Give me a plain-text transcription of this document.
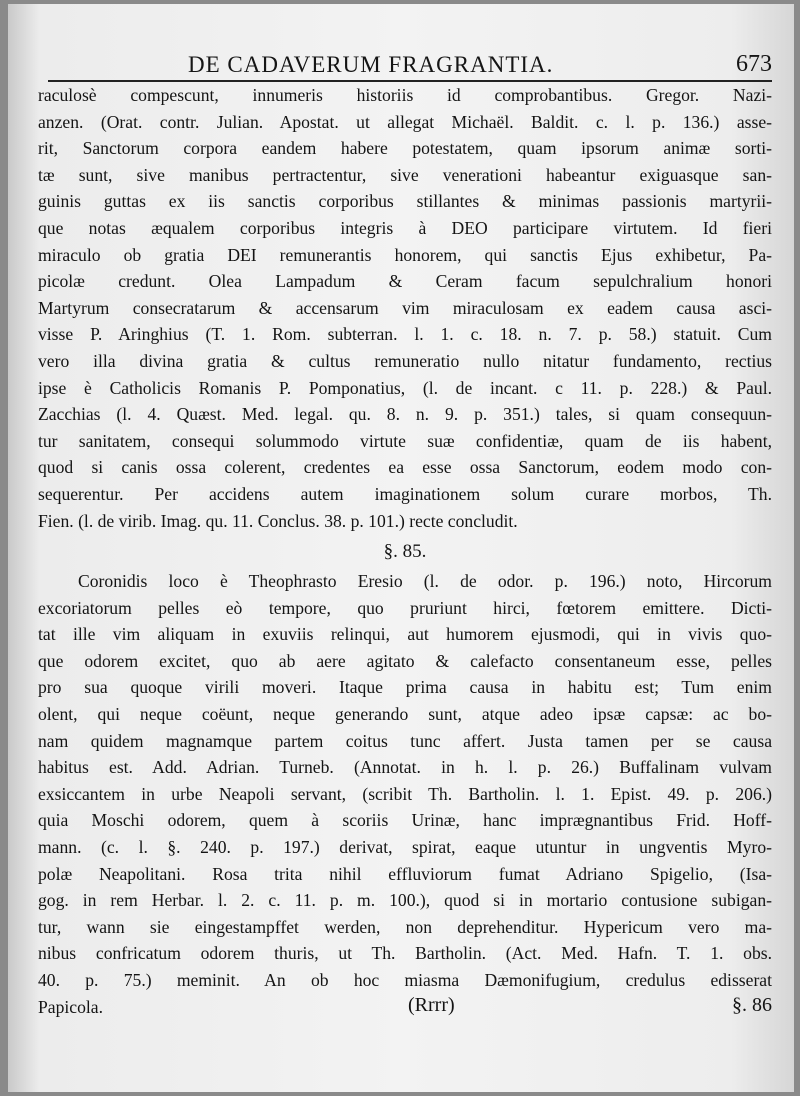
DE CADAVERUM FRAGRANTIA.	673
raculosè compescunt, innumeris historiis id comprobantibus. Gregor. Nazi-
anzen. (Orat. contr. Julian. Apostat. ut allegat Michaël. Baldit. c. l. p. 136.) asse-
rit, Sanctorum corpora eandem habere potestatem, quam ipsorum animæ sorti-
tæ sunt, sive manibus pertractentur, sive venerationi habeantur exiguasque san-
guinis guttas ex iis sanctis corporibus stillantes & minimas passionis martyrii-
que notas æqualem corporibus integris à DEO participare virtutem. Id fieri
miraculo ob gratia DEI remunerantis honorem, qui sanctis Ejus exhibetur, Pa-
picolæ credunt. Olea Lampadum & Ceram facum sepulchralium honori
Martyrum consecratarum & accensarum vim miraculosam ex eadem causa asci-
visse P. Aringhius (T. 1. Rom. subterran. l. 1. c. 18. n. 7. p. 58.) statuit. Cum
vero illa divina gratia & cultus remuneratio nullo nitatur fundamento, rectius
ipse è Catholicis Romanis P. Pomponatius, (l. de incant. c 11. p. 228.) & Paul.
Zacchias (l. 4. Quæst. Med. legal. qu. 8. n. 9. p. 351.) tales, si quam consequun-
tur sanitatem, consequi solummodo virtute suæ confidentiæ, quam de iis habent,
quod si canis ossa colerent, credentes ea esse ossa Sanctorum, eodem modo con-
sequerentur. Per accidens autem imaginationem solum curare morbos, Th.
Fien. (l. de virib. Imag. qu. 11. Conclus. 38. p. 101.) recte concludit.
§. 85.
Coronidis loco è Theophrasto Eresio (l. de odor. p. 196.) noto, Hircorum
excoriatorum pelles eò tempore, quo pruriunt hirci, fœtorem emittere. Dicti-
tat ille vim aliquam in exuviis relinqui, aut humorem ejusmodi, qui in vivis quo-
que odorem excitet, quo ab aere agitato & calefacto consentaneum esse, pelles
pro sua quoque virili moveri. Itaque prima causa in habitu est; Tum enim
olent, qui neque coëunt, neque generando sunt, atque adeo ipsæ capsæ: ac bo-
nam quidem magnamque partem coitus tunc affert. Justa tamen per se causa
habitus est. Add. Adrian. Turneb. (Annotat. in h. l. p. 26.) Buffalinam vulvam
exsiccantem in urbe Neapoli servant, (scribit Th. Bartholin. l. 1. Epist. 49. p. 206.)
quia Moschi odorem, quem à scoriis Urinæ, hanc imprægnantibus Frid. Hoff-
mann. (c. l. §. 240. p. 197.) derivat, spirat, eaque utuntur in ungventis Myro-
polæ Neapolitani. Rosa trita nihil effluviorum fumat Adriano Spigelio, (Isa-
gog. in rem Herbar. l. 2. c. 11. p. m. 100.), quod si in mortario contusione subigan-
tur, wann sie eingestampffet werden, non deprehenditur. Hypericum vero ma-
nibus confricatum odorem thuris, ut Th. Bartholin. (Act. Med. Hafn. T. 1. obs.
40. p. 75.) meminit. An ob hoc miasma Dæmonifugium, credulus edisserat
Papicola.	(Rrrr)	§. 86
